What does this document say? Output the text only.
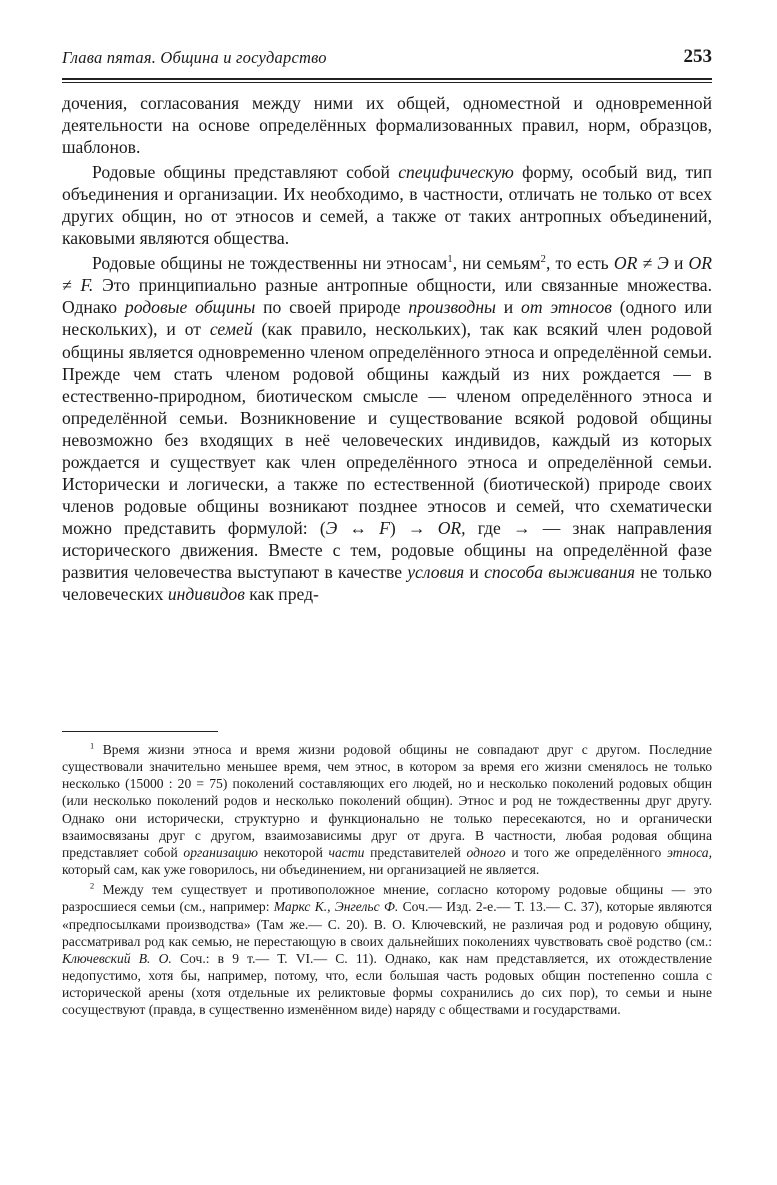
Глава пятая. Община и государство	253

дочения, согласования между ними их общей, одноместной и одновременной деятельности на основе определённых формализованных правил, норм, образцов, шаблонов.

Родовые общины представляют собой специфическую форму, особый вид, тип объединения и организации. Их необходимо, в частности, отличать не только от всех других общин, но от этносов и семей, а также от таких антропных объединений, каковыми являются общества.

Родовые общины не тождественны ни этносам$^1$, ни семьям$^2$, то есть OR ≠ Э и OR ≠ F. Это принципиально разные антропные общности, или связанные множества. Однако родовые общины по своей природе производны и от этносов (одного или нескольких), и от семей (как правило, нескольких), так как всякий член родовой общины является одновременно членом определённого этноса и определённой семьи. Прежде чем стать членом родовой общины каждый из них рождается — в естественно-природном, биотическом смысле — членом определённого этноса и определённой семьи. Возникновение и существование всякой родовой общины невозможно без входящих в неё человеческих индивидов, каждый из которых рождается и существует как член определённого этноса и определённой семьи. Исторически и логически, а также по естественной (биотической) природе своих членов родовые общины возникают позднее этносов и семей, что схематически можно представить формулой: (Э ↔ F) → OR, где → — знак направления исторического движения. Вместе с тем, родовые общины на определённой фазе развития человечества выступают в качестве условия и способа выживания не только человеческих индивидов как пред-

$^1$ Время жизни этноса и время жизни родовой общины не совпадают друг с другом. Последние существовали значительно меньшее время, чем этнос, в котором за время его жизни сменялось не только несколько (15000 : 20 = 75) поколений составляющих его людей, но и несколько поколений родовых общин (или несколько поколений родов и несколько поколений общин). Этнос и род не тождественны друг другу. Однако они исторически, структурно и функционально не только пересекаются, но и органически взаимосвязаны друг с другом, взаимозависимы друг от друга. В частности, любая родовая община представляет собой организацию некоторой части представителей одного и того же определённого этноса, который сам, как уже говорилось, ни объединением, ни организацией не является.

$^2$ Между тем существует и противоположное мнение, согласно которому родовые общины — это разросшиеся семьи (см., например: Маркс К., Энгельс Ф. Соч.— Изд. 2-е.— Т. 13.— С. 37), которые являются «предпосылками производства» (Там же.— С. 20). В. О. Ключевский, не различая род и родовую общину, рассматривал род как семью, не перестающую в своих дальнейших поколениях чувствовать своё родство (см.: Ключевский В. О. Соч.: в 9 т.— Т. VI.— С. 11). Однако, как нам представляется, их отождествление недопустимо, хотя бы, например, потому, что, если большая часть родовых общин постепенно сошла с исторической арены (хотя отдельные их реликтовые формы сохранились до сих пор), то семьи и ныне сосуществуют (правда, в существенно изменённом виде) наряду с обществами и государствами.
